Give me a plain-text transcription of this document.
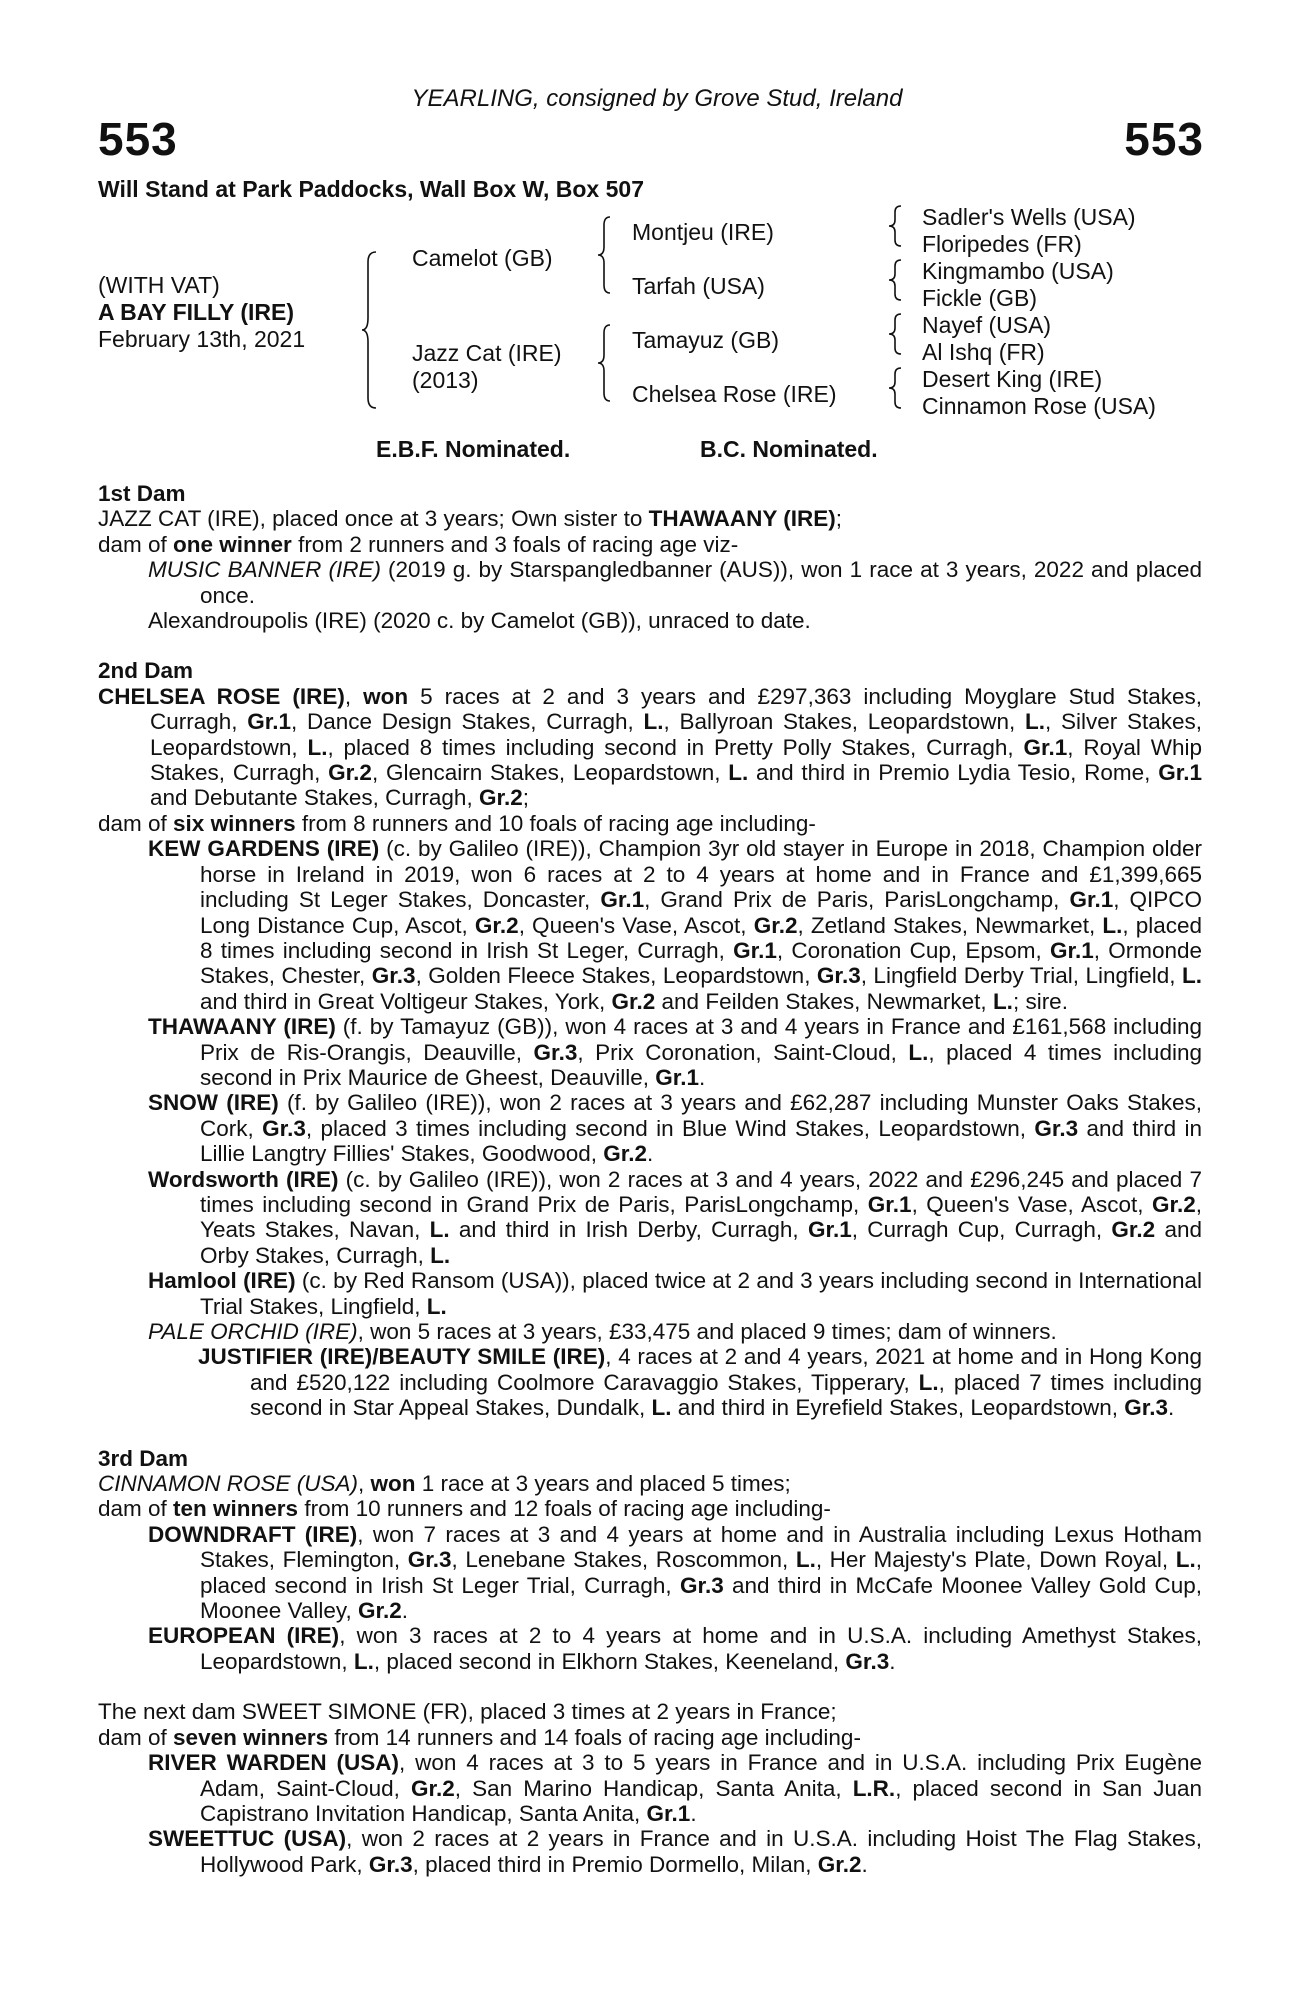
YEARLING, consigned by Grove Stud, Ireland
553	553
Will Stand at Park Paddocks, Wall Box W, Box 507
(WITH VAT)
A BAY FILLY (IRE)
February 13th, 2021
Camelot (GB)
Jazz Cat (IRE)
(2013)
Montjeu (IRE)
Tarfah (USA)
Tamayuz (GB)
Chelsea Rose (IRE)
Sadler's Wells (USA)
Floripedes (FR)
Kingmambo (USA)
Fickle (GB)
Nayef (USA)
Al Ishq (FR)
Desert King (IRE)
Cinnamon Rose (USA)
E.B.F. Nominated.	B.C. Nominated.

1st Dam

JAZZ CAT (IRE), placed once at 3 years; Own sister to THAWAANY (IRE);

dam of one winner from 2 runners and 3 foals of racing age viz-

MUSIC BANNER (IRE) (2019 g. by Starspangledbanner (AUS)), won 1 race at 3 years, 2022 and placed once.

Alexandroupolis (IRE) (2020 c. by Camelot (GB)), unraced to date.

2nd Dam

CHELSEA ROSE (IRE), won 5 races at 2 and 3 years and £297,363 including Moyglare Stud Stakes, Curragh, Gr.1, Dance Design Stakes, Curragh, L., Ballyroan Stakes, Leopardstown, L., Silver Stakes, Leopardstown, L., placed 8 times including second in Pretty Polly Stakes, Curragh, Gr.1, Royal Whip Stakes, Curragh, Gr.2, Glencairn Stakes, Leopardstown, L. and third in Premio Lydia Tesio, Rome, Gr.1 and Debutante Stakes, Curragh, Gr.2;

dam of six winners from 8 runners and 10 foals of racing age including-

KEW GARDENS (IRE) (c. by Galileo (IRE)), Champion 3yr old stayer in Europe in 2018, Champion older horse in Ireland in 2019, won 6 races at 2 to 4 years at home and in France and £1,399,665 including St Leger Stakes, Doncaster, Gr.1, Grand Prix de Paris, ParisLongchamp, Gr.1, QIPCO Long Distance Cup, Ascot, Gr.2, Queen's Vase, Ascot, Gr.2, Zetland Stakes, Newmarket, L., placed 8 times including second in Irish St Leger, Curragh, Gr.1, Coronation Cup, Epsom, Gr.1, Ormonde Stakes, Chester, Gr.3, Golden Fleece Stakes, Leopardstown, Gr.3, Lingfield Derby Trial, Lingfield, L. and third in Great Voltigeur Stakes, York, Gr.2 and Feilden Stakes, Newmarket, L.; sire.

THAWAANY (IRE) (f. by Tamayuz (GB)), won 4 races at 3 and 4 years in France and £161,568 including Prix de Ris-Orangis, Deauville, Gr.3, Prix Coronation, Saint-Cloud, L., placed 4 times including second in Prix Maurice de Gheest, Deauville, Gr.1.

SNOW (IRE) (f. by Galileo (IRE)), won 2 races at 3 years and £62,287 including Munster Oaks Stakes, Cork, Gr.3, placed 3 times including second in Blue Wind Stakes, Leopardstown, Gr.3 and third in Lillie Langtry Fillies' Stakes, Goodwood, Gr.2.

Wordsworth (IRE) (c. by Galileo (IRE)), won 2 races at 3 and 4 years, 2022 and £296,245 and placed 7 times including second in Grand Prix de Paris, ParisLongchamp, Gr.1, Queen's Vase, Ascot, Gr.2, Yeats Stakes, Navan, L. and third in Irish Derby, Curragh, Gr.1, Curragh Cup, Curragh, Gr.2 and Orby Stakes, Curragh, L.

Hamlool (IRE) (c. by Red Ransom (USA)), placed twice at 2 and 3 years including second in International Trial Stakes, Lingfield, L.

PALE ORCHID (IRE), won 5 races at 3 years, £33,475 and placed 9 times; dam of winners.

JUSTIFIER (IRE)/BEAUTY SMILE (IRE), 4 races at 2 and 4 years, 2021 at home and in Hong Kong and £520,122 including Coolmore Caravaggio Stakes, Tipperary, L., placed 7 times including second in Star Appeal Stakes, Dundalk, L. and third in Eyrefield Stakes, Leopardstown, Gr.3.

3rd Dam

CINNAMON ROSE (USA), won 1 race at 3 years and placed 5 times;

dam of ten winners from 10 runners and 12 foals of racing age including-

DOWNDRAFT (IRE), won 7 races at 3 and 4 years at home and in Australia including Lexus Hotham Stakes, Flemington, Gr.3, Lenebane Stakes, Roscommon, L., Her Majesty's Plate, Down Royal, L., placed second in Irish St Leger Trial, Curragh, Gr.3 and third in McCafe Moonee Valley Gold Cup, Moonee Valley, Gr.2.

EUROPEAN (IRE), won 3 races at 2 to 4 years at home and in U.S.A. including Amethyst Stakes, Leopardstown, L., placed second in Elkhorn Stakes, Keeneland, Gr.3.

The next dam SWEET SIMONE (FR), placed 3 times at 2 years in France;

dam of seven winners from 14 runners and 14 foals of racing age including-

RIVER WARDEN (USA), won 4 races at 3 to 5 years in France and in U.S.A. including Prix Eugène Adam, Saint-Cloud, Gr.2, San Marino Handicap, Santa Anita, L.R., placed second in San Juan Capistrano Invitation Handicap, Santa Anita, Gr.1.

SWEETTUC (USA), won 2 races at 2 years in France and in U.S.A. including Hoist The Flag Stakes, Hollywood Park, Gr.3, placed third in Premio Dormello, Milan, Gr.2.
